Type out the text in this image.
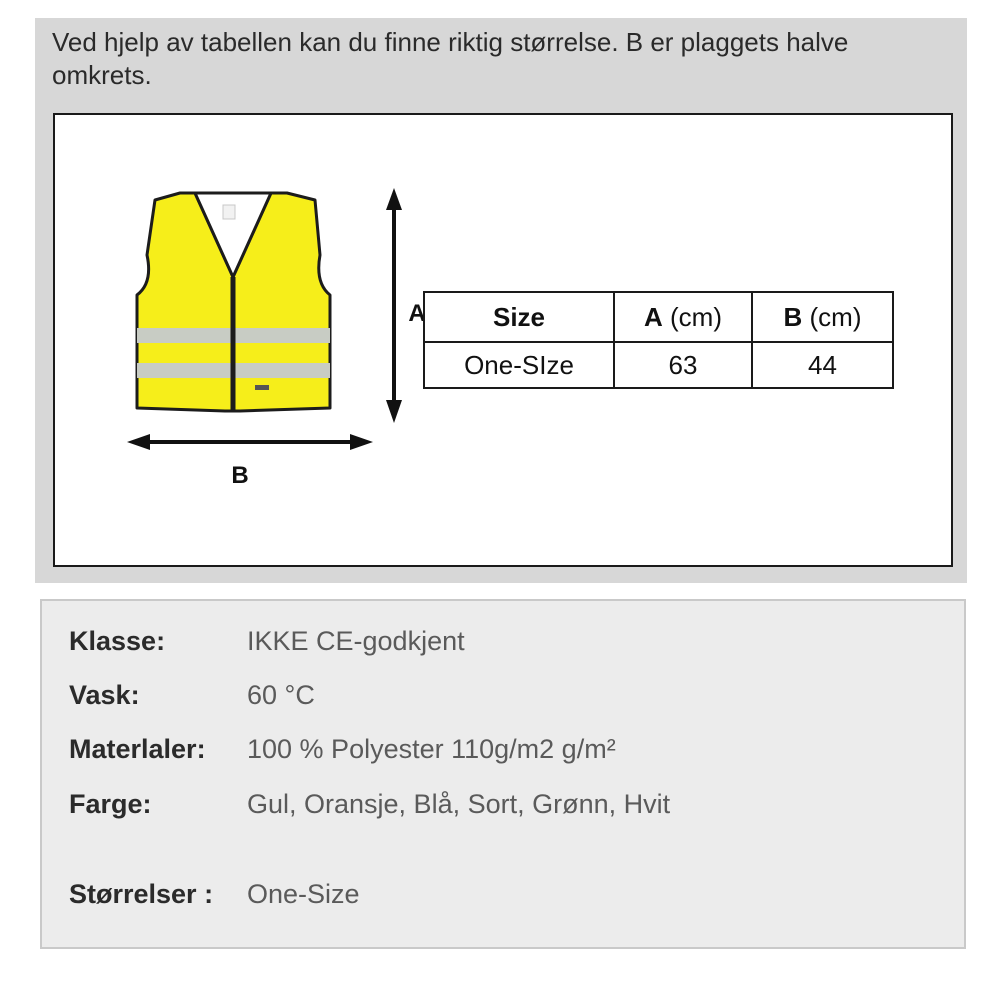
Ved hjelp av tabellen kan du finne riktig størrelse. B er plaggets halve omkrets.

A
B
Size	A (cm)	B (cm)
One-SIze	63	44
Klasse:	IKKE CE-godkjent
Vask:	60 °C
Materlaler:	100 % Polyester 110g/m2 g/m²
Farge:	Gul, Oransje, Blå, Sort, Grønn, Hvit
Størrelser :	One-Size
